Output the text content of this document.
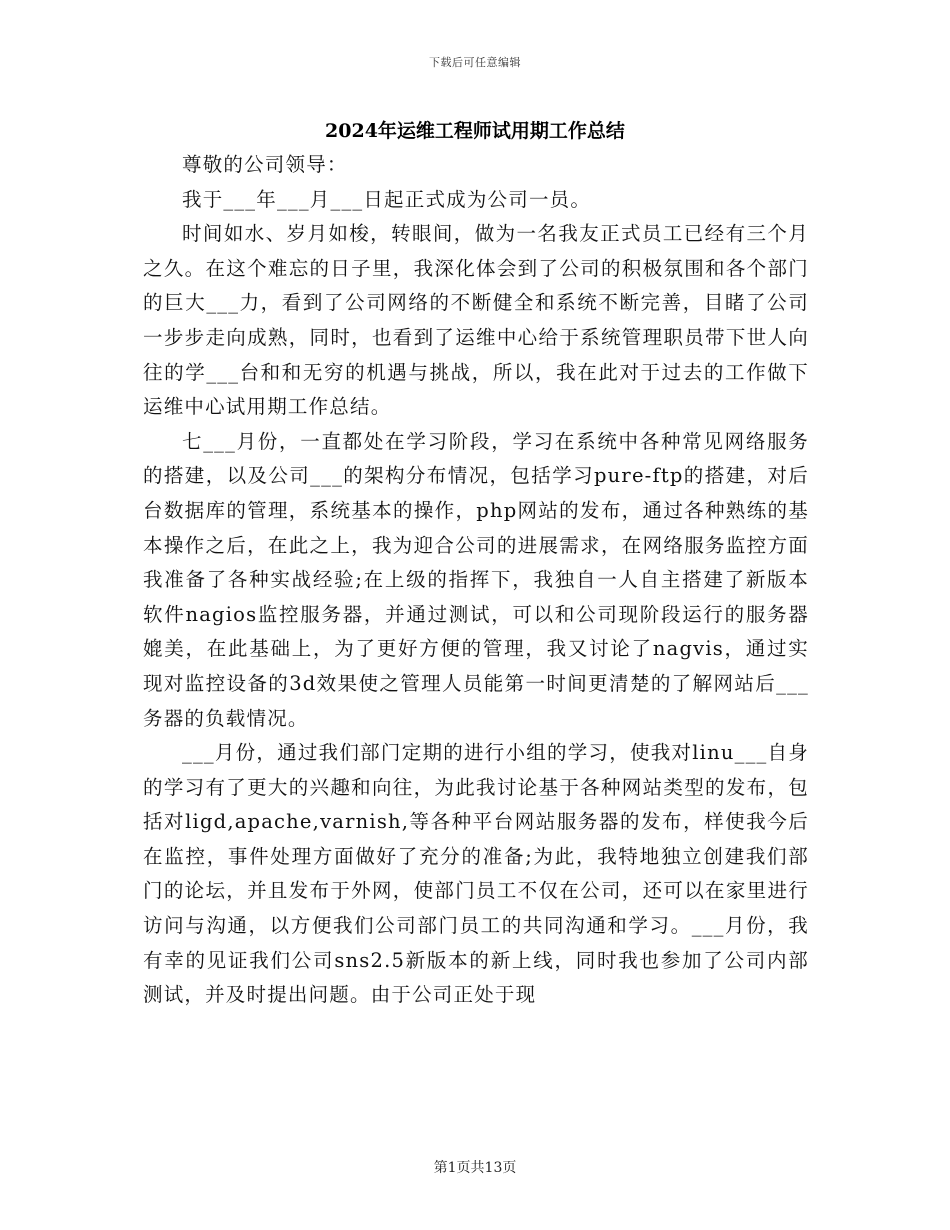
下载后可任意编辑
2024年运维工程师试用期工作总结

尊敬的公司领导：

我于___年___月___日起正式成为公司一员。

时间如水、岁月如梭，转眼间，做为一名我友正式员工已经有三个月之久。在这个难忘的日子里，我深化体会到了公司的积极氛围和各个部门的巨大___力，看到了公司网络的不断健全和系统不断完善，目睹了公司一步步走向成熟，同时，也看到了运维中心给于系统管理职员带下世人向往的学___台和和无穷的机遇与挑战，所以，我在此对于过去的工作做下运维中心试用期工作总结。

七___月份，一直都处在学习阶段，学习在系统中各种常见网络服务的搭建，以及公司___的架构分布情况，包括学习pure-ftp的搭建，对后台数据库的管理，系统基本的操作，php网站的发布，通过各种熟练的基本操作之后，在此之上，我为迎合公司的进展需求，在网络服务监控方面我准备了各种实战经验;在上级的指挥下，我独自一人自主搭建了新版本软件nagios监控服务器，并通过测试，可以和公司现阶段运行的服务器媲美，在此基础上，为了更好方便的管理，我又讨论了nagvis，通过实现对监控设备的3d效果使之管理人员能第一时间更清楚的了解网站后___务器的负载情况。

___月份，通过我们部门定期的进行小组的学习，使我对linu___自身的学习有了更大的兴趣和向往，为此我讨论基于各种网站类型的发布，包括对ligd,apache,varnish,等各种平台网站服务器的发布，样使我今后在监控，事件处理方面做好了充分的准备;为此，我特地独立创建我们部门的论坛，并且发布于外网，使部门员工不仅在公司，还可以在家里进行访问与沟通，以方便我们公司部门员工的共同沟通和学习。___月份，我有幸的见证我们公司sns2.5新版本的新上线，同时我也参加了公司内部测试，并及时提出问题。由于公司正处于现

第1页共13页
